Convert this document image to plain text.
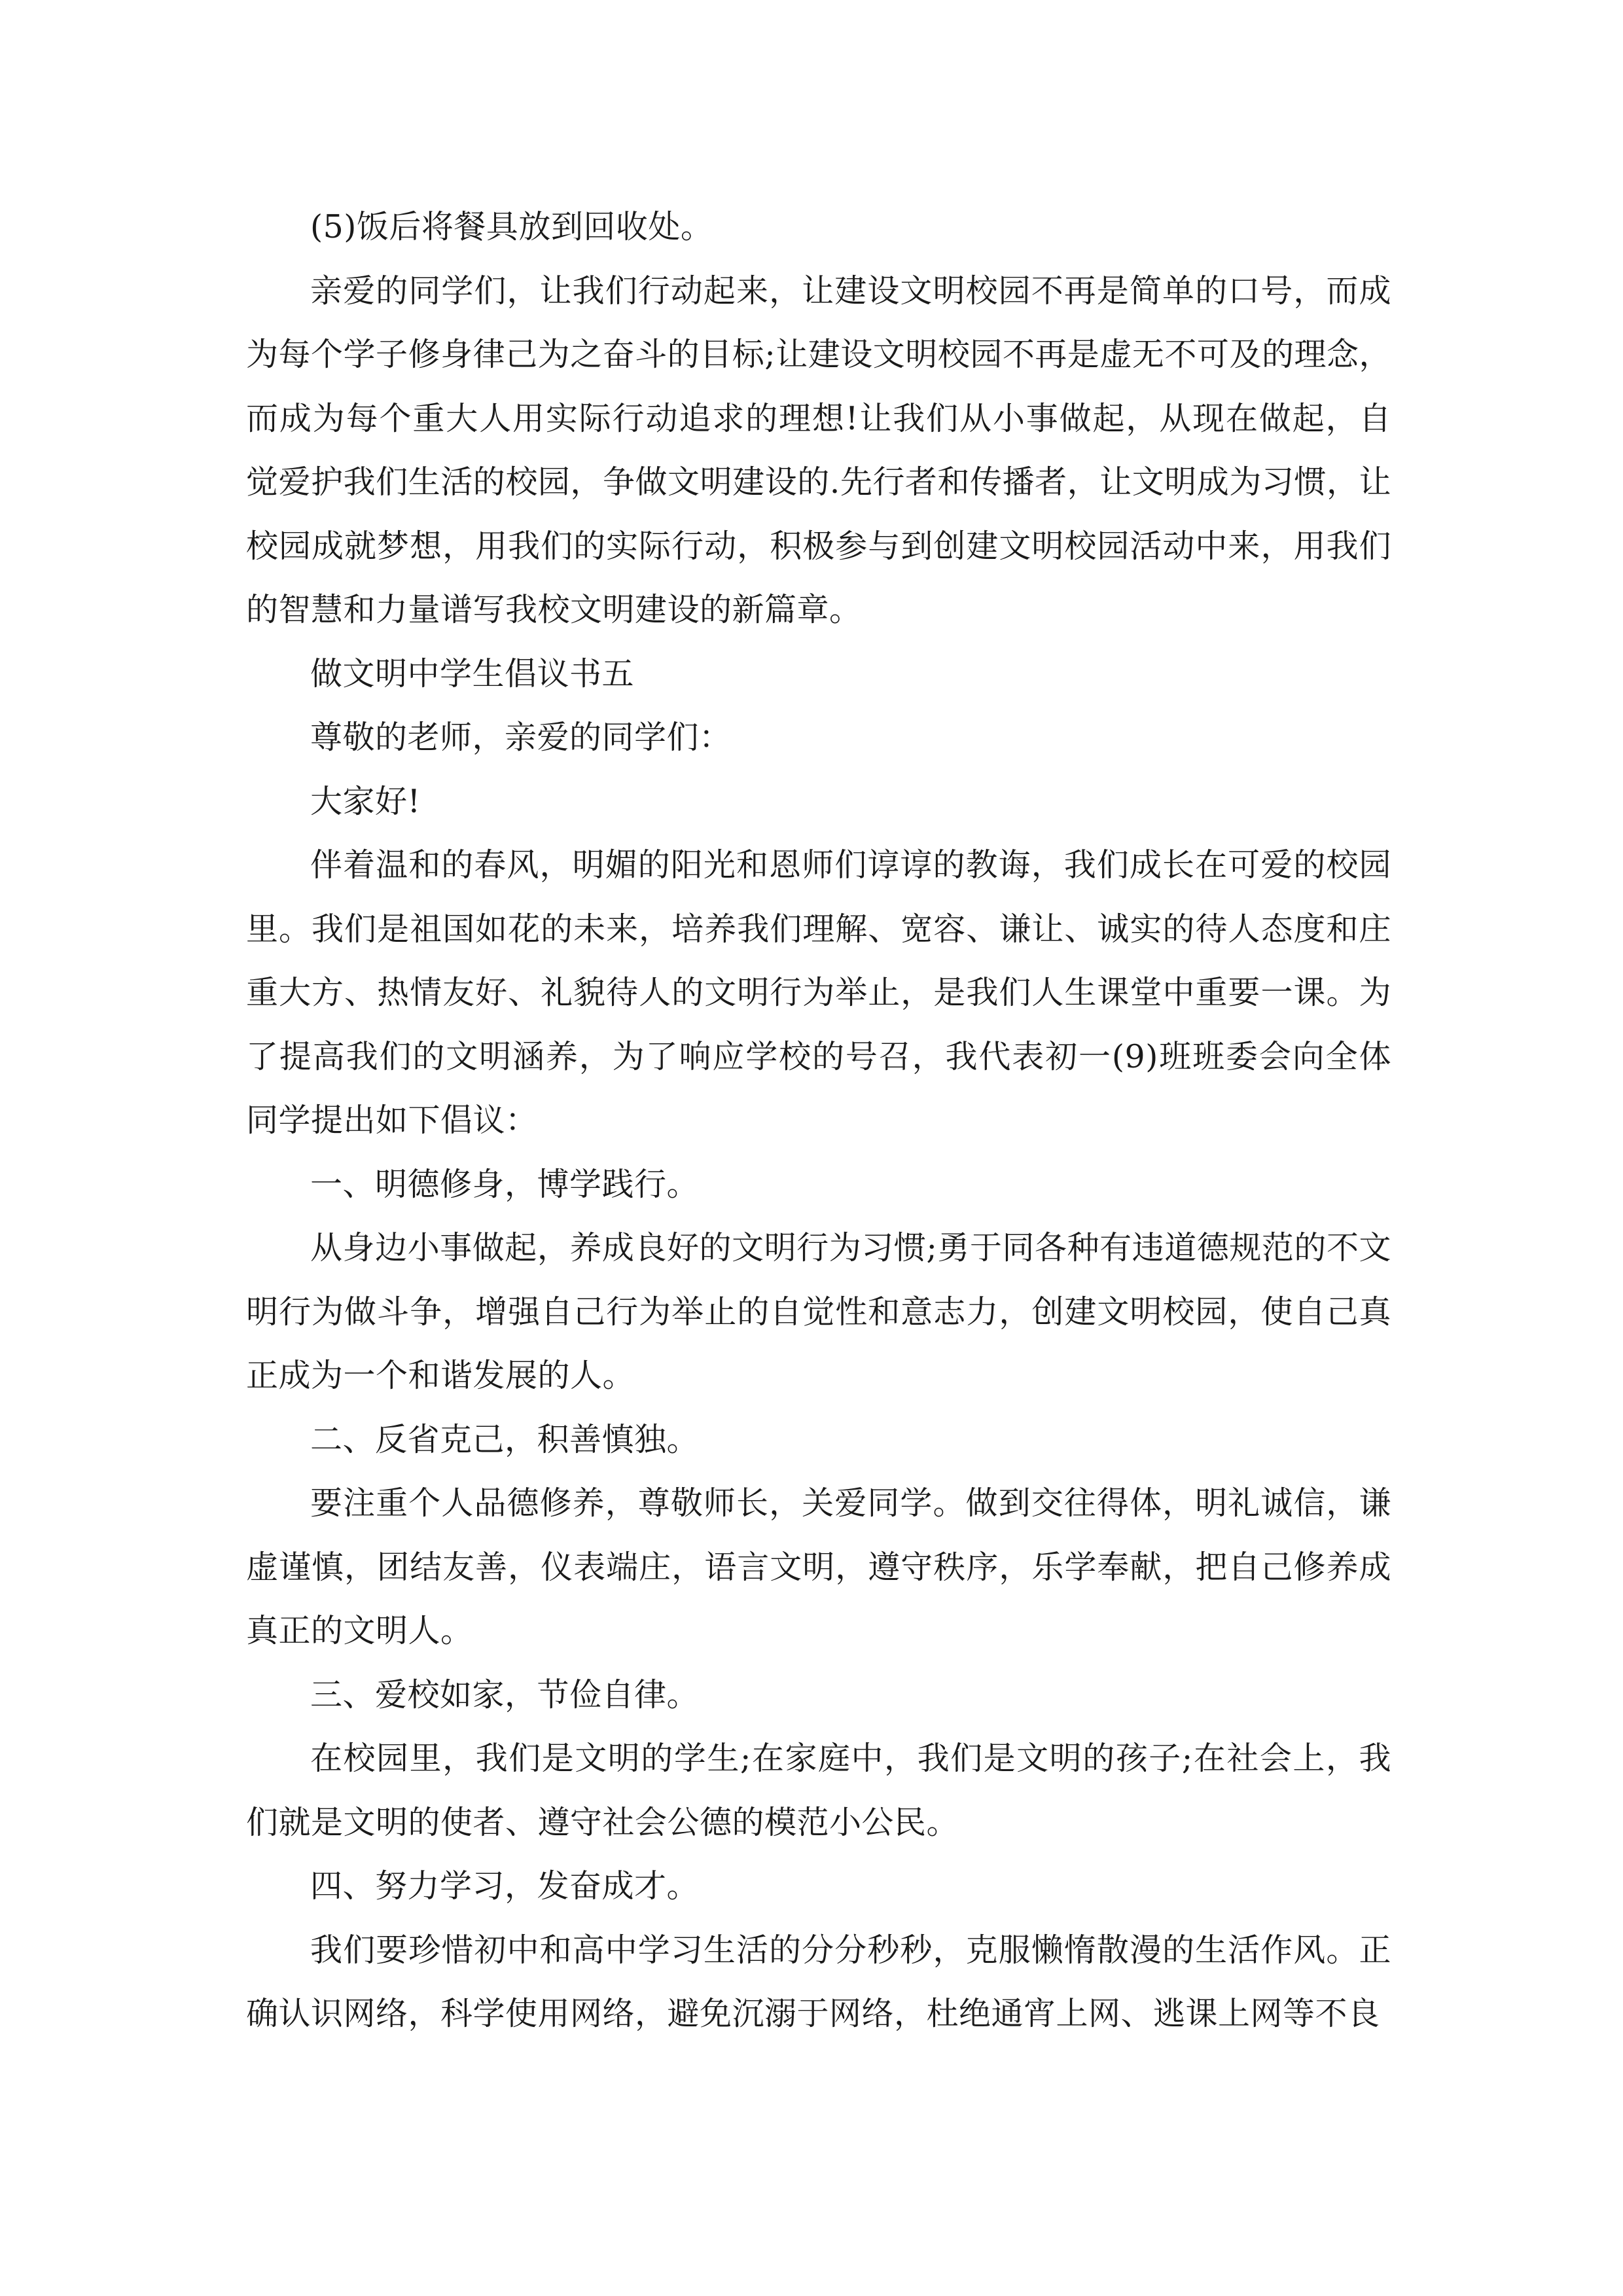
(5)饭后将餐具放到回收处。

亲爱的同学们，让我们行动起来，让建设文明校园不再是简单的口号，而成为每个学子修身律己为之奋斗的目标;让建设文明校园不再是虚无不可及的理念，而成为每个重大人用实际行动追求的理想!让我们从小事做起，从现在做起，自觉爱护我们生活的校园，争做文明建设的.先行者和传播者，让文明成为习惯，让校园成就梦想，用我们的实际行动，积极参与到创建文明校园活动中来，用我们的智慧和力量谱写我校文明建设的新篇章。

做文明中学生倡议书五

尊敬的老师，亲爱的同学们：

大家好!

伴着温和的春风，明媚的阳光和恩师们谆谆的教诲，我们成长在可爱的校园里。我们是祖国如花的未来，培养我们理解、宽容、谦让、诚实的待人态度和庄重大方、热情友好、礼貌待人的文明行为举止，是我们人生课堂中重要一课。为了提高我们的文明涵养，为了响应学校的号召，我代表初一(9)班班委会向全体同学提出如下倡议：

一、明德修身，博学践行。

从身边小事做起，养成良好的文明行为习惯;勇于同各种有违道德规范的不文明行为做斗争，增强自己行为举止的自觉性和意志力，创建文明校园，使自己真正成为一个和谐发展的人。

二、反省克己，积善慎独。

要注重个人品德修养，尊敬师长，关爱同学。做到交往得体，明礼诚信，谦虚谨慎，团结友善，仪表端庄，语言文明，遵守秩序，乐学奉献，把自己修养成真正的文明人。

三、爱校如家，节俭自律。

在校园里，我们是文明的学生;在家庭中，我们是文明的孩子;在社会上，我们就是文明的使者、遵守社会公德的模范小公民。

四、努力学习，发奋成才。

我们要珍惜初中和高中学习生活的分分秒秒，克服懒惰散漫的生活作风。正确认识网络，科学使用网络，避免沉溺于网络，杜绝通宵上网、逃课上网等不良
